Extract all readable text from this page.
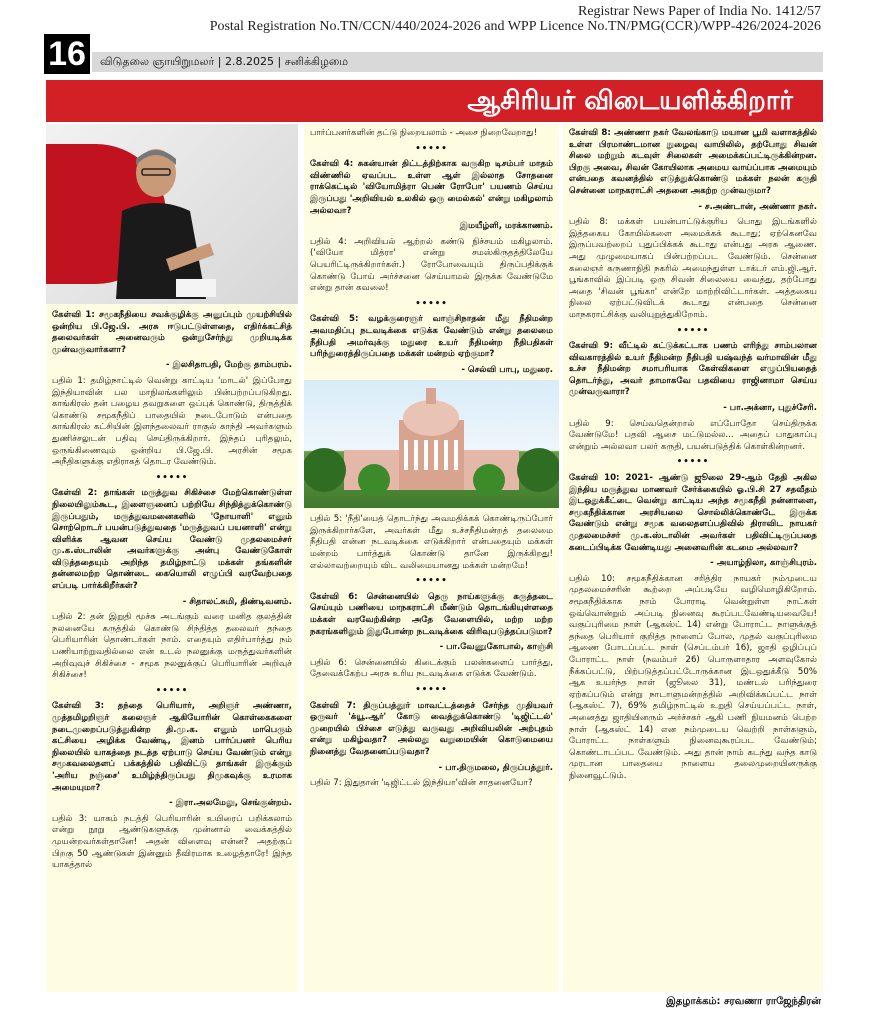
Registrar News Paper of India No. 1412/57
Postal Registration No.TN/CCN/440/2024-2026 and WPP Licence No.TN/PMG(CCR)/WPP-426/2024-2026
16	விடுதலை ஞாயிறுமலர் | 2.8.2025 | சனிக்கிழமை
ஆசிரியர் விடையளிக்கிறார்
கேள்வி 1: சமூகநீதியை சவக்குழிக்கு அனுப்பும் முயற்சியில் ஒன்றிய பி.ஜே.பி. அரசு ஈடுபட்டுள்ளதை, எதிர்க்கட்சித் தலைவர்கள் அனைவரும் ஒன்றுசேர்ந்து முறியடிக்க முன்வருவார்களா?
- இலசிதாபதி, மேற்கு தாம்பரம்.
பதில் 1: தமிழ்நாட்டில் வென்று காட்டிய 'மாடல்' இப்போது இந்தியாவின் பல மாநிலங்களிலும் பின்பற்றப்படுகிறது. காங்கிரஸ் தன் பழைய தவறுகளை ஒப்புக் கொண்டு, திருத்திக் கொண்டு சமூகநீதிப் பாதையில் நடைபோடும் என்பதை காங்கிரஸ் கட்சியின் இளந்தலைவர் ராகுல் காந்தி அவர்களும் துணிச்சலுடன் பதிவு செய்திருக்கிறார். இந்தப் புரிதலும், ஒருங்கிணைவும் ஒன்றிய பி.ஜே.பி. அரசின் சமூக அநீதிகளுக்கு எதிராகத் தொடர வேண்டும்.
•••••
கேள்வி 2: தாங்கள் மருத்துவ சிகிச்சை மேற்கொண்டுள்ள நிலையிலும்கூட, இளைஞனைப் பற்றியே சிந்தித்துக்கொண்டு இருப்பதும், மருத்துவமனைகளில் 'நோயாளி' எனும் சொற்றொடர் பயன்படுத்துவதை 'மருத்துவப் பயனாளி' என்று விளிக்க ஆவன செய்ய வேண்டு முதலமைச்சர் மு.க.ஸ்டாலின் அவர்களுக்கு அன்பு வேண்டுகோள் விடுத்ததையும் அறிந்த தமிழ்நாட்டு மக்கள் தங்களின் தன்னலமற்ற தொண்டை கையொலி எழுப்பி வரவேற்பதை எப்படி பார்க்கிறீர்கள்?
- சிதாலட்சுமி, திண்டிவனம்.
பதில் 2: தன் இறுதி மூச்சு அடங்கும் வரை மனித குலத்தின் நலனையே கருத்தில் கொண்டு சிந்தித்த தலைவர் தந்தை பெரியாரின் தொண்டர்கள் நாம். எதையும் எதிர்பார்த்து நம் பணியாற்றுவதில்லை என் உடல் நலனுக்கு மருத்துவர்களின் அறிவுவுச் சிகிச்சை - சமூக நலனுக்குப் பெரியாரின் அறிவுச் சிகிச்சை!
•••••
கேள்வி 3: தந்தை பெரியார், அறிஞர் அண்ணா, முத்தமிழறிஞர் கலைஞர் ஆகியோரின் கொள்கைகளை நடைமுறைப்படுத்துகின்ற தி.மு.க. எனும் மாபெரும் கட்சியை அழிக்க வேண்டி, இனம் பார்ப்பனர் பெரிய நிலையில் யாகத்தை நடத்த ஏற்பாடு செய்ய வேண்டும் என்று சமூகவலைதளப் பக்கத்தில் பதிவிட்டு தாங்கள் இருக்கும் 'அரிய நஞ்சை' உமிழ்ந்திருப்பது திமுகவுக்கு உரமாக அமையுமா?
- இரா.அலமேலு, செங்குன்றம்.
பதில் 3: யாகம் நடத்தி பெரியாரின் உயிரைப் பறிக்கலாம் என்று நூறு ஆண்டுகளுக்கு முன்னால் வைக்கத்தில் முயன்றவர்கள்தானே! அதன் விளைவு என்ன? அதற்குப் பிறகு 50 ஆண்டுகள் இன்னும் தீவிரமாக உழைத்தாரே! இந்த யாகத்தால்
பார்ப்பனர்களின் தட்டு நிறையலாம் - அசை நிறைவேறாது!
•••••
கேள்வி 4: சுகன்யான் திட்டத்திற்காக வருகிற டிசம்பர் மாதம் விண்ணில் ஏவப்பட உள்ள ஆள் இல்லாத சோதனை ராக்கெட்டில் 'வியோமித்ரா பெண் ரோபோ' பயணம் செய்ய இருப்பது 'அறிவியல் உலகில் ஒரு மைல்கல்' என்று மகிழலாம் அல்லவா?
இமயீழ்ளி, மரக்காணம்.
பதில் 4: அறிவியல் ஆற்றல் கண்டு நிச்சயம் மகிழலாம். ('வியோ மித்ரா' என்று சமஸ்கிருதத்திலேயே பெயரிட்டிருக்கிறார்கள்.) ரோபோவையும் திருப்பதிக்குக் கொண்டு போய் அர்ச்சனை செய்யாமல் இருக்க வேண்டுமே என்று தான் கவலை!
•••••
கேள்வி 5: வழக்குரைஞர் வாஞ்சிநாதன் மீது நீதிமன்ற அவமதிப்பு நடவடிக்கை எடுக்க வேண்டும் என்று தலைமை நீதிபதி அமர்வுக்கு மதுரை உயர் நீதிமன்ற நீதிபதிகள் பரிந்துரைத்திருப்பதை மக்கள் மன்றம் ஏற்குமா?
- செல்வி பாபு, மதுரை.
பதில் 5: 'நீதி'யைத் தொடர்ந்து அவமதிக்கக் கொண்டிருப்போர் இருக்கிறார்களே, அவர்கள் மீது உச்சநீதிமன்றத் தலைமை நீதிபதி என்ன நடவடிக்கை எடுக்கிறார் என்பதையும் மக்கள் மன்றம் பார்த்துக் கொண்டு தானே இருக்கிறது! எல்லாவற்றையும் விட வலிமையானது மக்கள் மன்றமே!
•••••
கேள்வி 6: சென்னையில் தெரு நாய்களுக்கு கருத்தடை செய்யும் பணியை மாநகராட்சி மீண்டும் தொடங்கியுள்ளதை மக்கள் வரவேற்கின்ற அதே வேளையில், மற்ற மற்ற நகரங்களிலும் இதுபோன்ற நடவடிக்கை விரிவுபடுத்தப்படுமா?
- பா.வேணுகோபால், காஞ்சி
பதில் 6: சென்னையில் கிடைக்கும் பலன்களைப் பார்த்து, தேவைக்கேற்ப அரசு உரிய நடவடிக்கை எடுக்க வேண்டும்.
•••••
கேள்வி 7: திருப்பத்தூர் மாவட்டத்தைச் சேர்ந்த முதியவர் ஒருவர் 'க்யூ.ஆர்' கோடு வைத்துக்கொண்டு 'டிஜிட்டல்' முறையில் பிச்சை எடுத்து வருவது அறிவியலின் அற்புதம் என்று மகிழ்வதா? அல்லது வறுமையின் கொடுமையை நினைத்து வேதனைப்படுவதா?
- பா.திருமலை, திருப்பத்தூர்.
பதில் 7: இதுதான் 'டிஜிட்டல் இந்தியா'வின் சாதனையோ?
கேள்வி 8: அண்ணா நகர் வேலங்காடு மயான பூமி வளாகத்தில் உள்ள பிரமாண்டமான நுழைவு வாயிலில், தற்போது சிவன் சிலை மற்றும் கடவுள் சிலைகள் அமைக்கப்பட்டிருக்கின்றன. பிறகு அவை, சிவன் கோயிலாக அமைய வாய்ப்பாக அமையும் என்பதை கவனத்தில் எடுத்துக்கொண்டு மக்கள் நலன் கருதி சென்னை மாநகராட்சி அதனை அகற்ற முன்வருமா?
- ச.அண்டான், அண்ணா நகர்.
பதில் 8: மக்கள் பயன்பாட்டுக்குரிய பொது இடங்களில் இத்தகைய கோயில்களை அமைக்கக் கூடாது; ஏற்கெனவே இருப்பவற்றைப் புதுப்பிக்கக் கூடாது என்பது அரசு ஆணை. அது முழுமையாகப் பின்பற்றப்பட வேண்டும். சென்னை கலைஞர் கருணாநிதி நகரில் அமைந்துள்ள டாக்டர் எம்.ஜி.ஆர். பூங்காவில் இப்படி ஒரு சிவன் சிலையை வைத்து, தற்போது அதை 'சிவன் பூங்கா' என்றே மாற்றிவிட்டார்கள். அத்தகைய நிலை ஏற்பட்டுவிடக் கூடாது என்பதை சென்னை மாநகராட்சிக்கு வலியுறுத்துகிறோம்.
•••••
கேள்வி 9: வீட்டில் கட்டுக்கட்டாக பணம் எரிந்து சாம்பலான விவகாரத்தில் உயர் நீதிமன்ற நீதிபதி யஷ்வந்த் வர்மாவின் மீது உச்ச நீதிமன்ற சமாபரியாக கேள்விகளை எழுப்பியதைத் தொடர்ந்து, அவர் தாமாகவே பதவியை ராஜினாமா செய்ய முன்வருவாரா?
- பா.அக்னா, புதுச்சேரி.
பதில் 9: செய்வதென்றால் எப்போதோ செய்திருக்க வேண்டுமே! பதவி ஆசை மட்டுமல்ல... அதைப் பாதுகாப்பு என்றும் அல்லவா பலர் கருதி, பயன்படுத்திக் கொள்கின்றனர்.
•••••
கேள்வி 10: 2021- ஆண்டு ஜூலை 29-ஆம் தேதி அகில இந்திய மருத்துவ மாணவர் சேர்க்கையில் ஓ.பி.சி 27 சதவீதம் இடஒதுக்கீட்டை வென்று காட்டிய அந்த சமூகநீதி நன்னாளை, சமூகநீதிக்கான அரசியலை சொல்லிக்கொண்டே இருக்க வேண்டும் என்று சமூக வலைதளப்பதிவில் திராவிட நாயகர் முதலமைச்சர் மு.க.ஸ்டாலின் அவர்கள் பதிவிட்டிருப்பதை கடைப்பிடிக்க வேண்டியது அனைவரின் கடமை அல்லவா?
- அயாழ்நிலா, காஞ்சிபுரம்.
பதில் 10: சமூகநீதிக்கான சரித்திர நாயகர் நம்முடைய முதலமைச்சரின் கூற்றை அப்படியே வழிமொழிகிறோம். சமூகநீதிக்காக நாம் போராடி வென்றுள்ள நாட்கள் ஒவ்வொன்றும் அப்படி நினைவு கூரப்படவேண்டியவையே! வகுப்புரிமை நாள் (ஆகஸ்ட் 14) என்று போராட்ட நாளுக்குத் தந்தை பெரியார் குறித்த நாளைப் போல, முதல் வகுப்புரிமை ஆணை போடப்பட்ட நாள் (செப்டம்பர் 16), ஜாதி ஒழிப்புப் போராட்ட நாள் (நவம்பர் 26) பொருளாதார அளவுகோல் நீக்கப்பட்டு, பிற்படுத்தப்பட்டோருக்கான இடஒதுக்கீடு 50% ஆக உயர்ந்த நாள் (ஜூலை 31), மண்டல் பரிந்துரை ஏற்கப்படும் என்று நாடாளுமன்றத்தில் அறிவிக்கப்பட்ட நாள் (ஆகஸ்ட் 7), 69% தமிழ்நாட்டில் உறுதி செய்யப்பட்ட நாள், அனைத்து ஜாதியினரும் அர்ச்சகர் ஆகி பணி நியமனம் பெற்ற நாள் (ஆகஸ்ட் 14) என நம்முடைய வெற்றி நாள்களும், போராட்ட நாள்களும் நினைவுகூரப்பட வேண்டும்; கொண்டாடப்பட வேண்டும். அது தான் நாம் கடந்து வந்த காடு முரடான பாதையை நாளைய தலைமுறையினருக்கு நினைவூட்டும்.
இதழாக்கம்: சரவணா ராஜேந்திரன்
